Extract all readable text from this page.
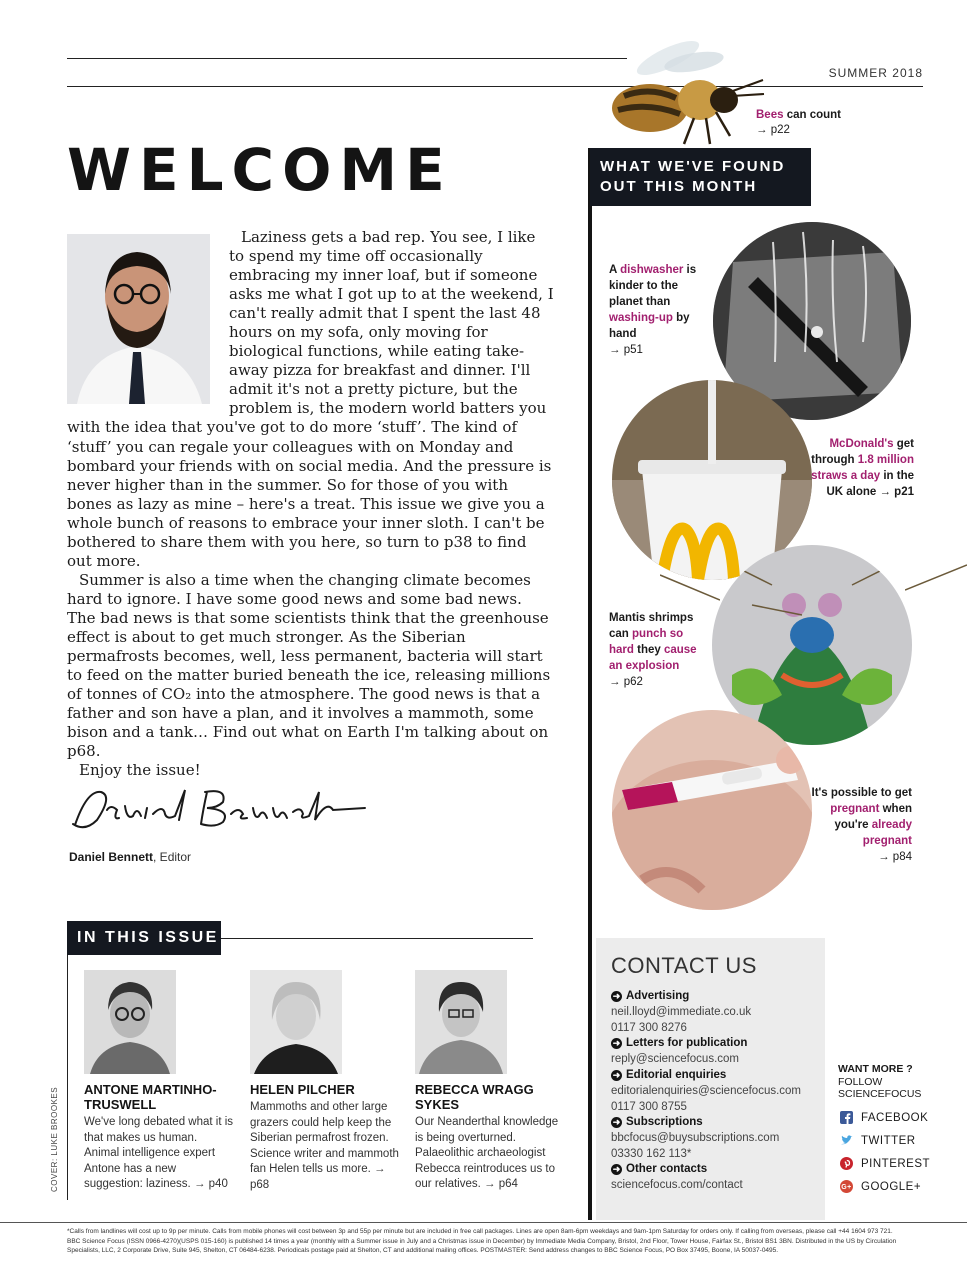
SUMMER 2018
Bees can count
→ p22
WELCOME

Laziness gets a bad rep. You see, I like to spend my time off occasionally embracing my inner loaf, but if someone asks me what I got up to at the weekend, I can't really admit that I spent the last 48 hours on my sofa, only moving for biological functions, while eating take-away pizza for breakfast and dinner. I'll admit it's not a pretty picture, but the problem is, the modern world batters you with the idea that you've got to do more ‘stuff’. The kind of ‘stuff’ you can regale your colleagues with on Monday and bombard your friends with on social media. And the pressure is never higher than in the summer. So for those of you with bones as lazy as mine – here's a treat. This issue we give you a whole bunch of reasons to embrace your inner sloth. I can't be bothered to share them with you here, so turn to p38 to find out more.

Summer is also a time when the changing climate becomes hard to ignore. I have some good news and some bad news. The bad news is that some scientists think that the greenhouse effect is about to get much stronger. As the Siberian permafrosts becomes, well, less permanent, bacteria will start to feed on the matter buried beneath the ice, releasing millions of tonnes of CO₂ into the atmosphere. The good news is that a father and son have a plan, and it involves a mammoth, some bison and a tank… Find out what on Earth I'm talking about on p68.

Enjoy the issue!

Daniel Bennett, Editor
IN THIS ISSUE
ANTONE MARTINHO-TRUSWELL
We've long debated what it is that makes us human. Animal intelligence expert Antone has a new suggestion: laziness. → p40
HELEN PILCHER
Mammoths and other large grazers could help keep the Siberian permafrost frozen. Science writer and mammoth fan Helen tells us more. → p68
REBECCA WRAGG SYKES
Our Neanderthal knowledge is being overturned. Palaeolithic archaeologist Rebecca reintroduces us to our relatives. → p64
COVER: LUKE BROOKES
WHAT WE'VE FOUND
OUT THIS MONTH
A dishwasher is kinder to the planet than washing-up by hand
→ p51
McDonald's get through 1.8 million straws a day in the UK alone → p21
Mantis shrimps can punch so hard they cause an explosion
→ p62
It's possible to get pregnant when you're already pregnant
→ p84
CONTACT US
➜ Advertising
neil.lloyd@immediate.co.uk
0117 300 8276
➜ Letters for publication
reply@sciencefocus.com
➜ Editorial enquiries
editorialenquiries@sciencefocus.com
0117 300 8755
➜ Subscriptions
bbcfocus@buysubscriptions.com
03330 162 113*
➜ Other contacts
sciencefocus.com/contact
WANT MORE ?
FOLLOW
SCIENCEFOCUS
FACEBOOK
TWITTER
PINTEREST
G+ GOOGLE+
*Calls from landlines will cost up to 9p per minute. Calls from mobile phones will cost between 3p and 55p per minute but are included in free call packages. Lines are open 8am-6pm weekdays and 9am-1pm Saturday for orders only. If calling from overseas, please call +44 1604 973 721. BBC Science Focus (ISSN 0966-4270)(USPS 015-160) is published 14 times a year (monthly with a Summer issue in July and a Christmas issue in December) by Immediate Media Company, Bristol, 2nd Floor, Tower House, Fairfax St., Bristol BS1 3BN. Distributed in the US by Circulation Specialists, LLC, 2 Corporate Drive, Suite 945, Shelton, CT 06484-6238. Periodicals postage paid at Shelton, CT and additional mailing offices. POSTMASTER: Send address changes to BBC Science Focus, PO Box 37495, Boone, IA 50037-0495.
